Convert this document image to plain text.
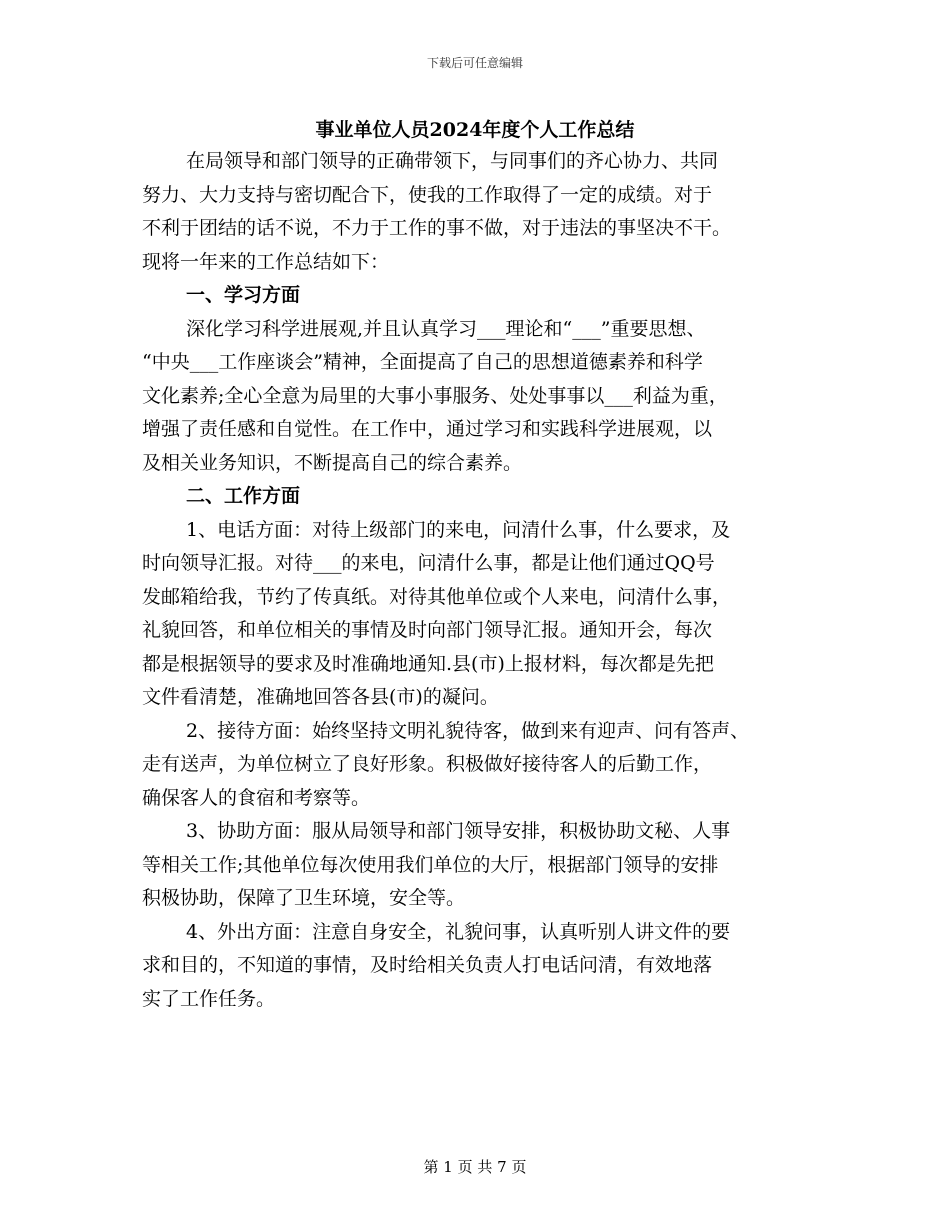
下载后可任意编辑
事业单位人员2024年度个人工作总结
在局领导和部门领导的正确带领下，与同事们的齐心协力、共同
努力、大力支持与密切配合下，使我的工作取得了一定的成绩。对于
不利于团结的话不说，不力于工作的事不做，对于违法的事坚决不干。
现将一年来的工作总结如下：
一、学习方面
深化学习科学进展观,并且认真学习___理论和“___”重要思想、
“中央___工作座谈会”精神，全面提高了自己的思想道德素养和科学
文化素养;全心全意为局里的大事小事服务、处处事事以___利益为重，
增强了责任感和自觉性。在工作中，通过学习和实践科学进展观，以
及相关业务知识，不断提高自己的综合素养。
二、工作方面
1、电话方面：对待上级部门的来电，问清什么事，什么要求，及
时向领导汇报。对待___的来电，问清什么事，都是让他们通过QQ号
发邮箱给我，节约了传真纸。对待其他单位或个人来电，问清什么事，
礼貌回答，和单位相关的事情及时向部门领导汇报。通知开会，每次
都是根据领导的要求及时准确地通知.县(市)上报材料，每次都是先把
文件看清楚，准确地回答各县(市)的凝问。
2、接待方面：始终坚持文明礼貌待客，做到来有迎声、问有答声、
走有送声，为单位树立了良好形象。积极做好接待客人的后勤工作，
确保客人的食宿和考察等。
3、协助方面：服从局领导和部门领导安排，积极协助文秘、人事
等相关工作;其他单位每次使用我们单位的大厅，根据部门领导的安排
积极协助，保障了卫生环境，安全等。
4、外出方面：注意自身安全，礼貌问事，认真听别人讲文件的要
求和目的，不知道的事情，及时给相关负责人打电话问清，有效地落
实了工作任务。
第 1 页 共 7 页
